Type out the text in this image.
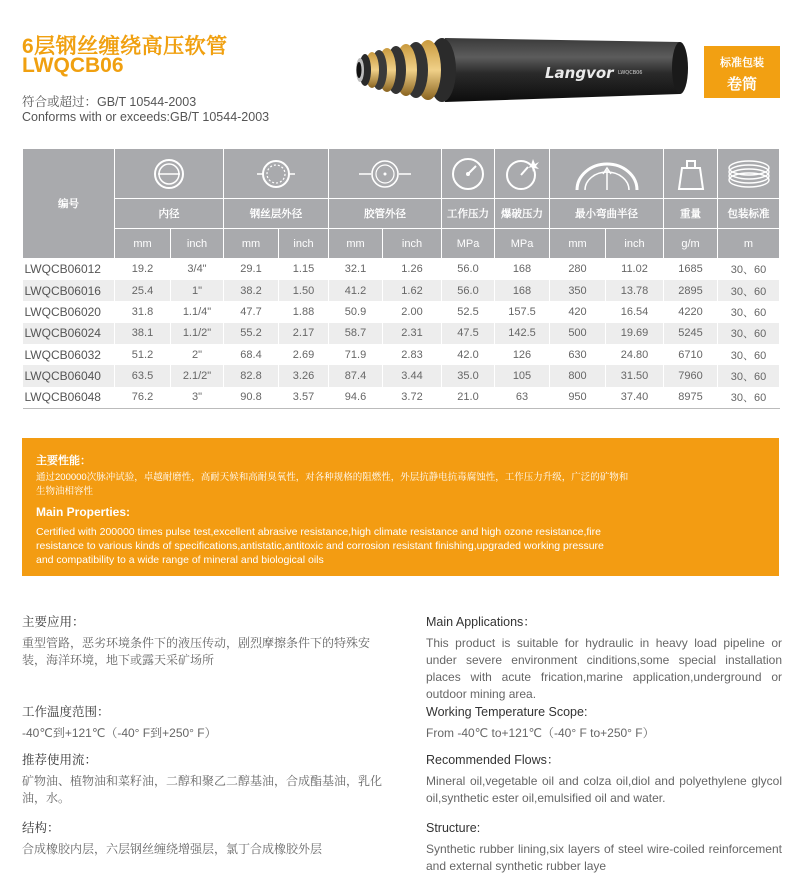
6层钢丝缠绕高压软管
LWQCB06
符合或超过：GB/T 10544-2003
Conforms with or exceeds:GB/T 10544-2003
Langvor LWQCB06
标准包装
卷筒
编号	

	内径		钢丝层外径		胶管外径		工作压力	爆破压力	最小弯曲半径		重量	包装标准
	mm	inch	mm	inch	mm	inch	MPa	MPa	mm	inch	g/m	m
LWQCB06012	19.2	3/4"	29.1	1.15	32.1	1.26	56.0	168	280	11.02	1685	30、60
LWQCB06016	25.4	1"	38.2	1.50	41.2	1.62	56.0	168	350	13.78	2895	30、60
LWQCB06020	31.8	1.1/4"	47.7	1.88	50.9	2.00	52.5	157.5	420	16.54	4220	30、60
LWQCB06024	38.1	1.1/2"	55.2	2.17	58.7	2.31	47.5	142.5	500	19.69	5245	30、60
LWQCB06032	51.2	2"	68.4	2.69	71.9	2.83	42.0	126	630	24.80	6710	30、60
LWQCB06040	63.5	2.1/2"	82.8	3.26	87.4	3.44	35.0	105	800	31.50	7960	30、60
LWQCB06048	76.2	3"	90.8	3.57	94.6	3.72	21.0	63	950	37.40	8975	30、60
主要性能：
通过200000次脉冲试验，卓越耐磨性，高耐天候和高耐臭氧性，对各种规格的阻燃性，外层抗静电抗毒腐蚀性，工作压力升级，广泛的矿物和生物油相容性
Main Properties:
Certified with 200000 times pulse test,excellent abrasive resistance,high climate resistance and high ozone resistance,fire resistance to various kinds of specifications,antistatic,antitoxic and corrosion resistant finishing,upgraded working pressure and compatibility to a wide range of mineral and biological oils
主要应用：
重型管路，恶劣环境条件下的液压传动，剧烈摩擦条件下的特殊安装，海洋环境，地下或露天采矿场所
工作温度范围：
-40℃到+121℃（-40° F到+250° F）
推荐使用流：
矿物油、植物油和菜籽油，二醇和聚乙二醇基油，合成酯基油，乳化油，水。
结构：
合成橡胶内层，六层钢丝缠绕增强层，氯丁合成橡胶外层
Main Applications：
This product is suitable for hydraulic in heavy load pipeline or under severe environment cinditions,some special installation places with acute frication,marine application,underground or outdoor mining area.
Working Temperature Scope:
From -40℃ to+121℃（-40° F to+250° F）
Recommended Flows：
Mineral oil,vegetable oil and colza oil,diol and polyethylene glycol oil,synthetic ester oil,emulsified oil and water.
Structure:
Synthetic rubber lining,six layers of steel wire-coiled reinforcement and external synthetic rubber laye
